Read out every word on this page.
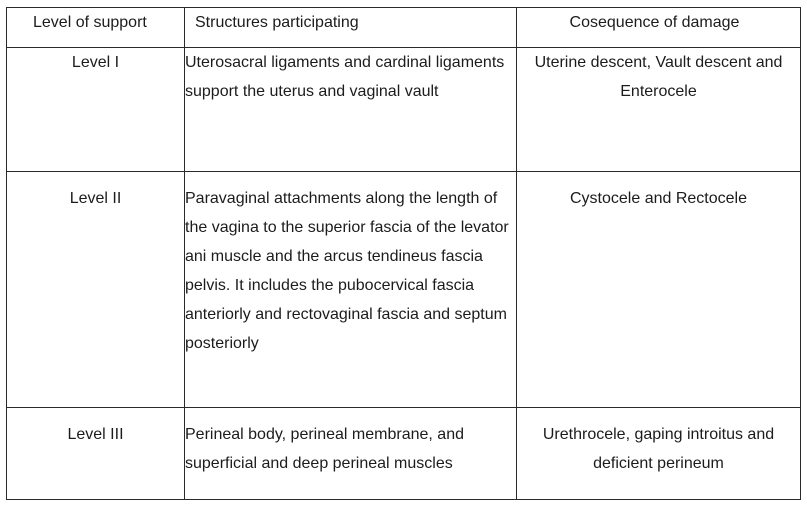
Level of support	Structures participating	Cosequence of damage
Level I	Uterosacral ligaments and cardinal ligaments support the uterus and vaginal vault	Uterine descent, Vault descent and Enterocele
Level II	Paravaginal attachments along the length of the vagina to the superior fascia of the levator ani muscle and the arcus tendineus fascia pelvis. It includes the pubocervical fascia anteriorly and rectovaginal fascia and septum posteriorly	Cystocele and Rectocele
Level III	Perineal body, perineal membrane, and superficial and deep perineal muscles	Urethrocele, gaping introitus and deficient perineum
